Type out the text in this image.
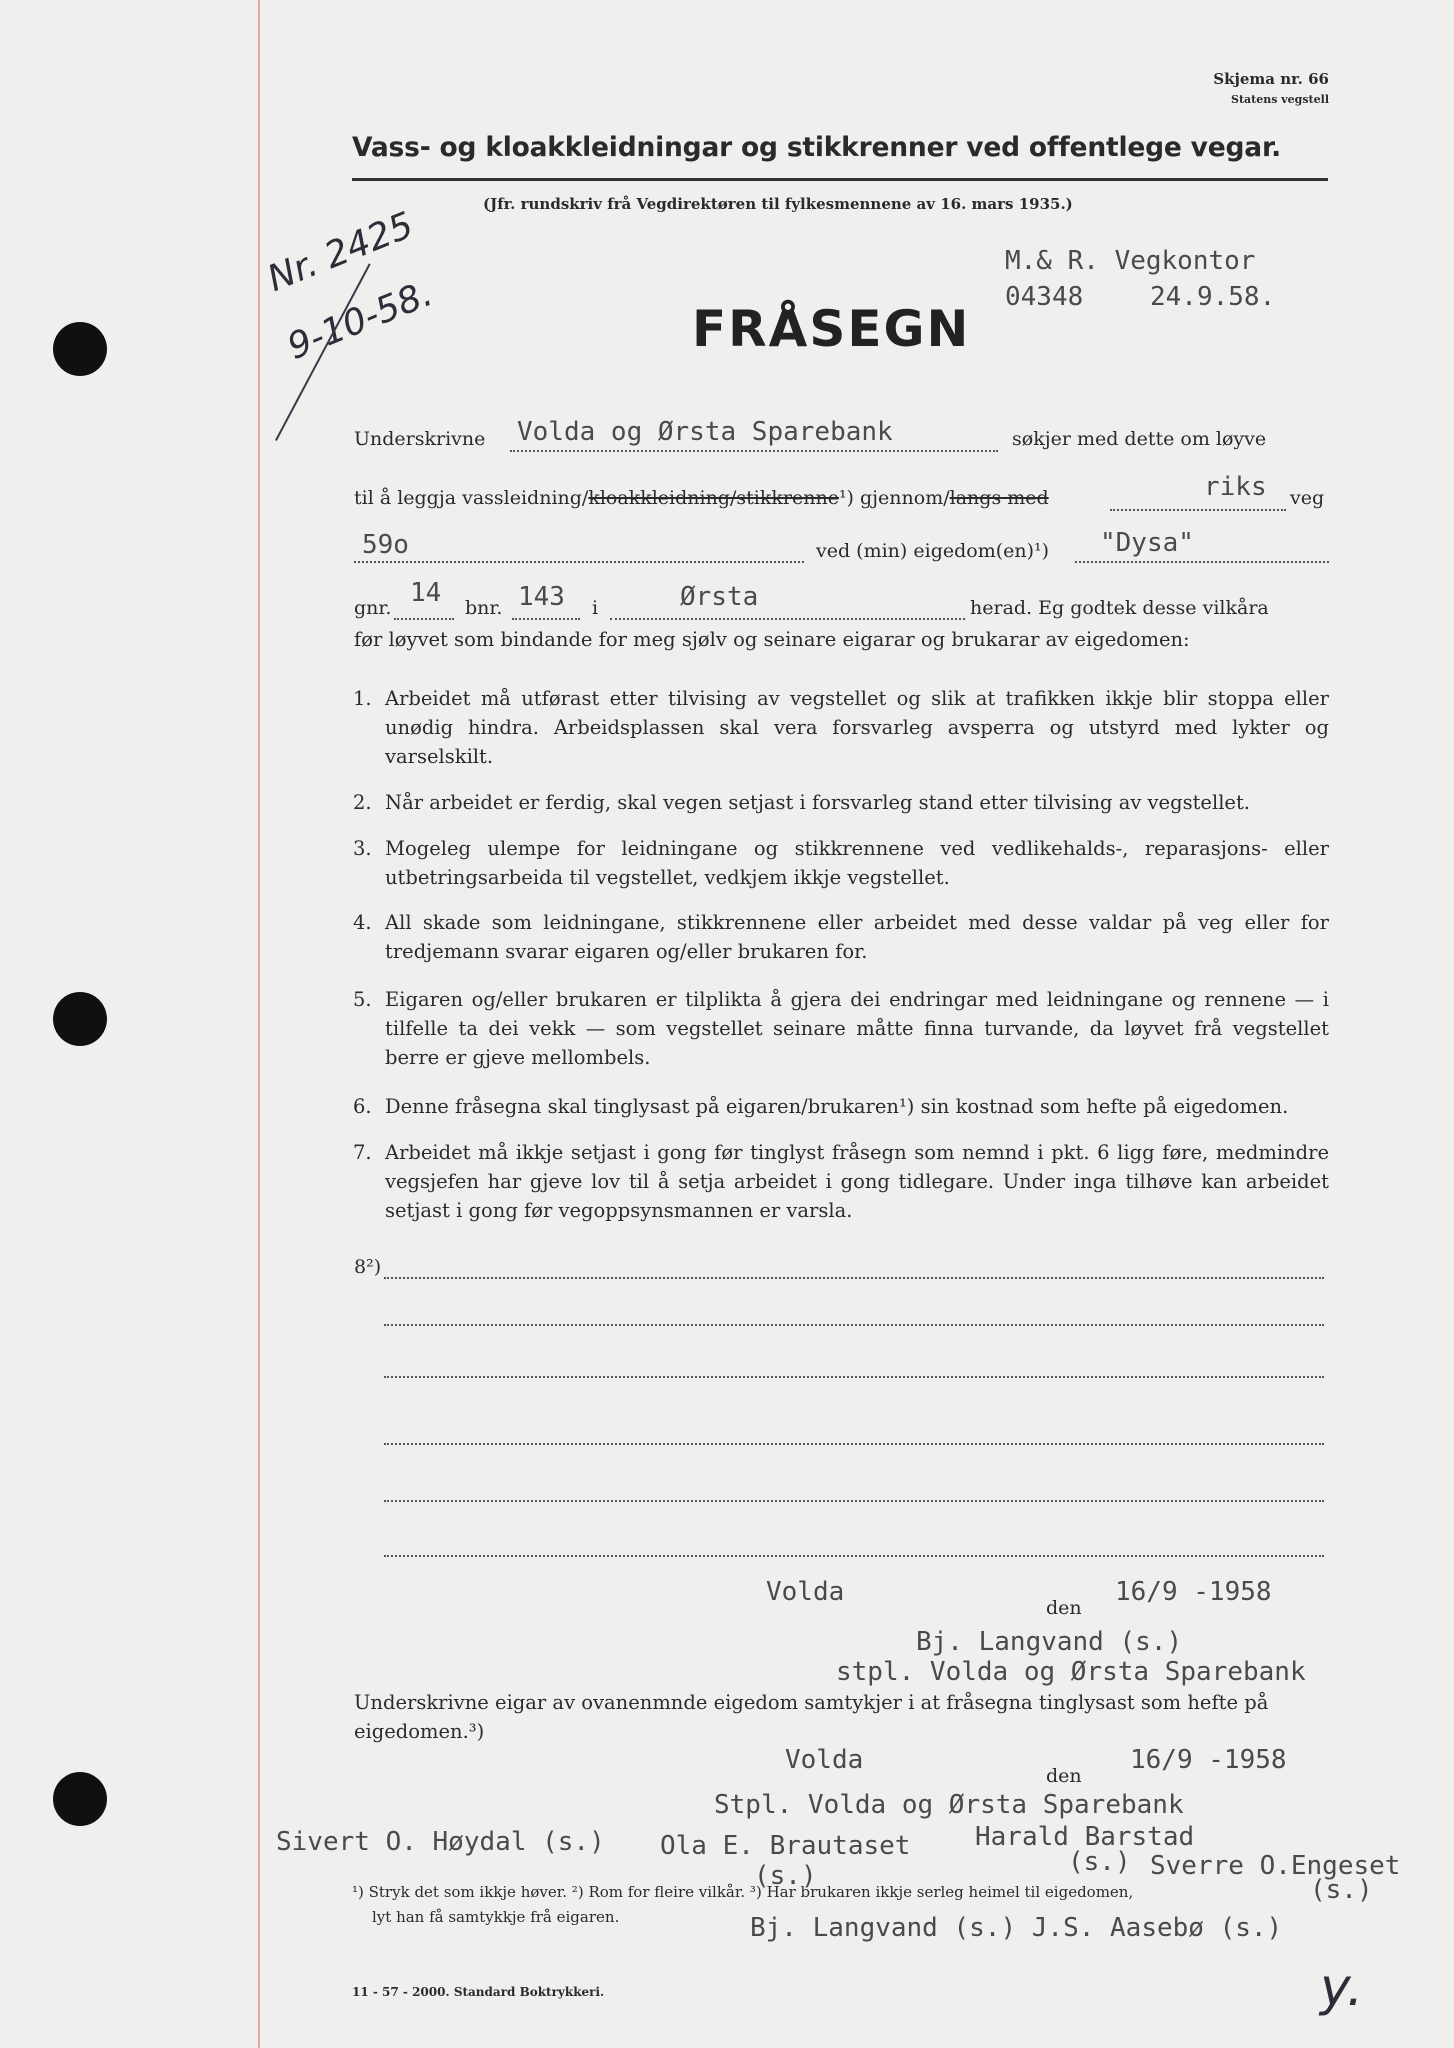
Skjema nr. 66
Statens vegstell
Vass- og kloakkleidningar og stikkrenner ved offentlege vegar.
(Jfr. rundskriv frå Vegdirektøren til fylkesmennene av 16. mars 1935.)
M.& R. Vegkontor
04348	24.9.58.
Nr. 2425
9-10-58.	FRÅSEGN
Underskrivne Volda og Ørsta Sparebank	søkjer med dette om løyve
til å leggja vassleidning/kloakkleidning/stikkrenne¹) gjennom/langs med	riks veg
59o	ved (min) eigedom(en)¹) "Dysa"
gnr. 14 bnr. 143 i	Ørsta	herad. Eg godtek desse vilkåra
før løyvet som bindande for meg sjølv og seinare eigarar og brukarar av eigedomen:
1. Arbeidet må utførast etter tilvising av vegstellet og slik at trafikken ikkje blir stoppa eller unødig hindra. Arbeidsplassen skal vera forsvarleg avsperra og utstyrd med lykter og varselskilt.
2. Når arbeidet er ferdig, skal vegen setjast i forsvarleg stand etter tilvising av vegstellet.
3. Mogeleg ulempe for leidningane og stikkrennene ved vedlikehalds-, reparasjons- eller utbetringsarbeida til vegstellet, vedkjem ikkje vegstellet.
4. All skade som leidningane, stikkrennene eller arbeidet med desse valdar på veg eller for tredjemann svarar eigaren og/eller brukaren for.
5. Eigaren og/eller brukaren er tilplikta å gjera dei endringar med leidningane og rennene — i tilfelle ta dei vekk — som vegstellet seinare måtte finna turvande, da løyvet frå vegstellet berre er gjeve mellombels.
6. Denne fråsegna skal tinglysast på eigaren/brukaren¹) sin kostnad som hefte på eigedomen.
7. Arbeidet må ikkje setjast i gong før tinglyst fråsegn som nemnd i pkt. 6 ligg føre, medmindre vegsjefen har gjeve lov til å setja arbeidet i gong tidlegare. Under inga tilhøve kan arbeidet setjast i gong før vegoppsynsmannen er varsla.
8²)
Volda
den
16/9 -1958
Bj. Langvand (s.)
stpl. Volda og Ørsta Sparebank
Underskrivne eigar av ovanenmnde eigedom samtykjer i at fråsegna tinglysast som hefte på eigedomen.³)
Volda
den
16/9 -1958
Stpl. Volda og Ørsta Sparebank
Sivert O. Høydal (s.) Ola E. Brautaset
(s.)
Harald Barstad
(s.) Sverre O.Engeset
(s.)
Bj. Langvand (s.) J.S. Aasebø (s.)
¹) Stryk det som ikkje høver. ²) Rom for fleire vilkår. ³) Har brukaren ikkje serleg heimel til eigedomen,
lyt han få samtykkje frå eigaren.
11 - 57 - 2000. Standard Boktrykkeri.	y.
